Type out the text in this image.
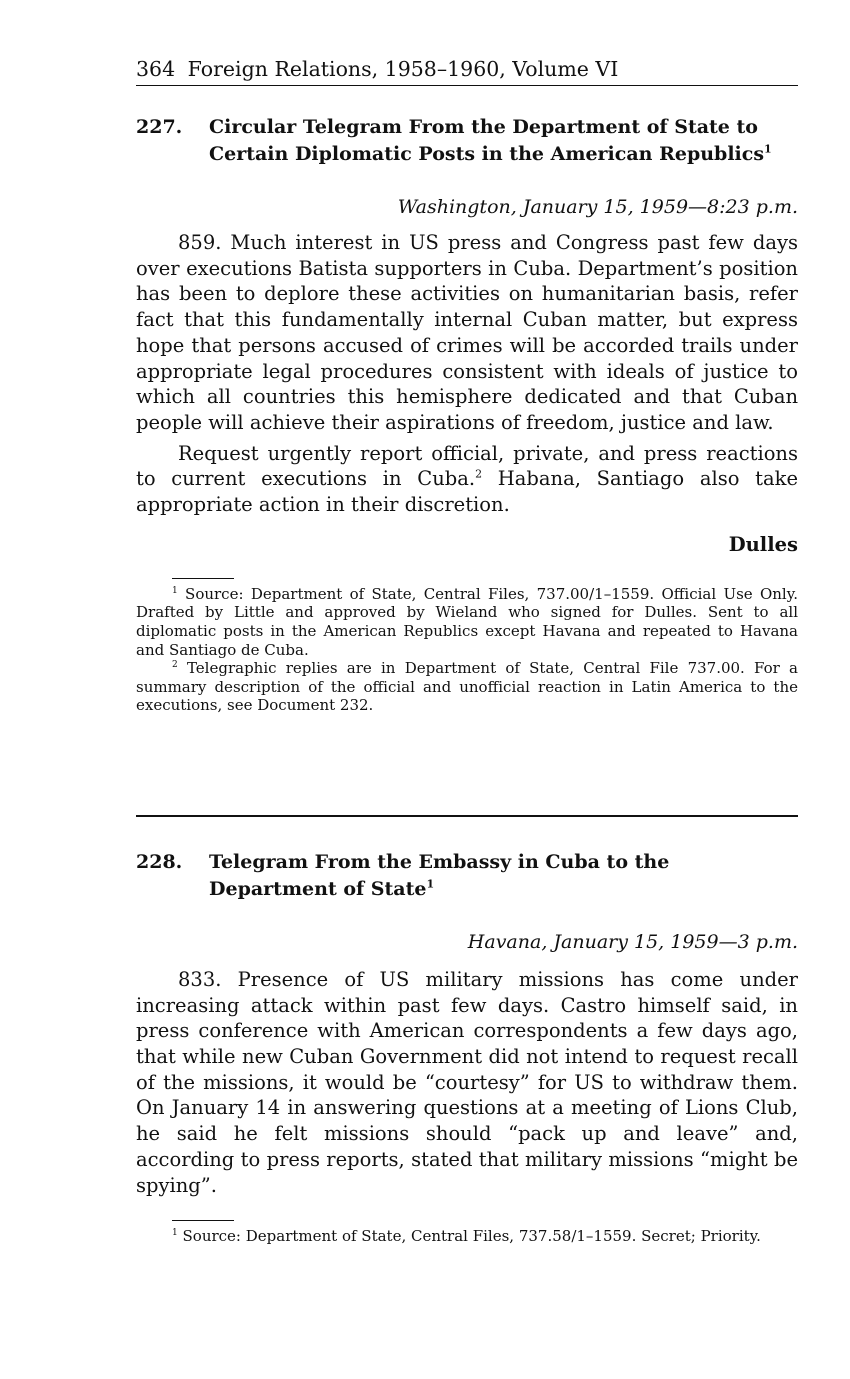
364 Foreign Relations, 1958–1960, Volume VI
227.	Circular Telegram From the Department of State to Certain Diplomatic Posts in the American Republics$^1$
Washington, January 15, 1959—8:23 p.m.

859. Much interest in US press and Congress past few days over executions Batista supporters in Cuba. Department’s position has been to deplore these activities on humanitarian basis, refer fact that this fundamentally internal Cuban matter, but express hope that persons accused of crimes will be accorded trails under appropriate legal procedures consistent with ideals of justice to which all countries this hemisphere dedicated and that Cuban people will achieve their aspirations of freedom, justice and law.

Request urgently report official, private, and press reactions to current executions in Cuba.$^2$ Habana, Santiago also take appropriate action in their discretion.

Dulles

$^1$ Source: Department of State, Central Files, 737.00/1–1559. Official Use Only. Drafted by Little and approved by Wieland who signed for Dulles. Sent to all diplomatic posts in the American Republics except Havana and repeated to Havana and Santiago de Cuba.

$^2$ Telegraphic replies are in Department of State, Central File 737.00. For a summary description of the official and unofficial reaction in Latin America to the executions, see Document 232.

228.	Telegram From the Embassy in Cuba to the Department of State$^1$
Havana, January 15, 1959—3 p.m.

833. Presence of US military missions has come under increasing attack within past few days. Castro himself said, in press conference with American correspondents a few days ago, that while new Cuban Government did not intend to request recall of the missions, it would be “courtesy” for US to withdraw them. On January 14 in answering questions at a meeting of Lions Club, he said he felt missions should “pack up and leave” and, according to press reports, stated that military missions “might be spying”.

$^1$ Source: Department of State, Central Files, 737.58/1–1559. Secret; Priority.
